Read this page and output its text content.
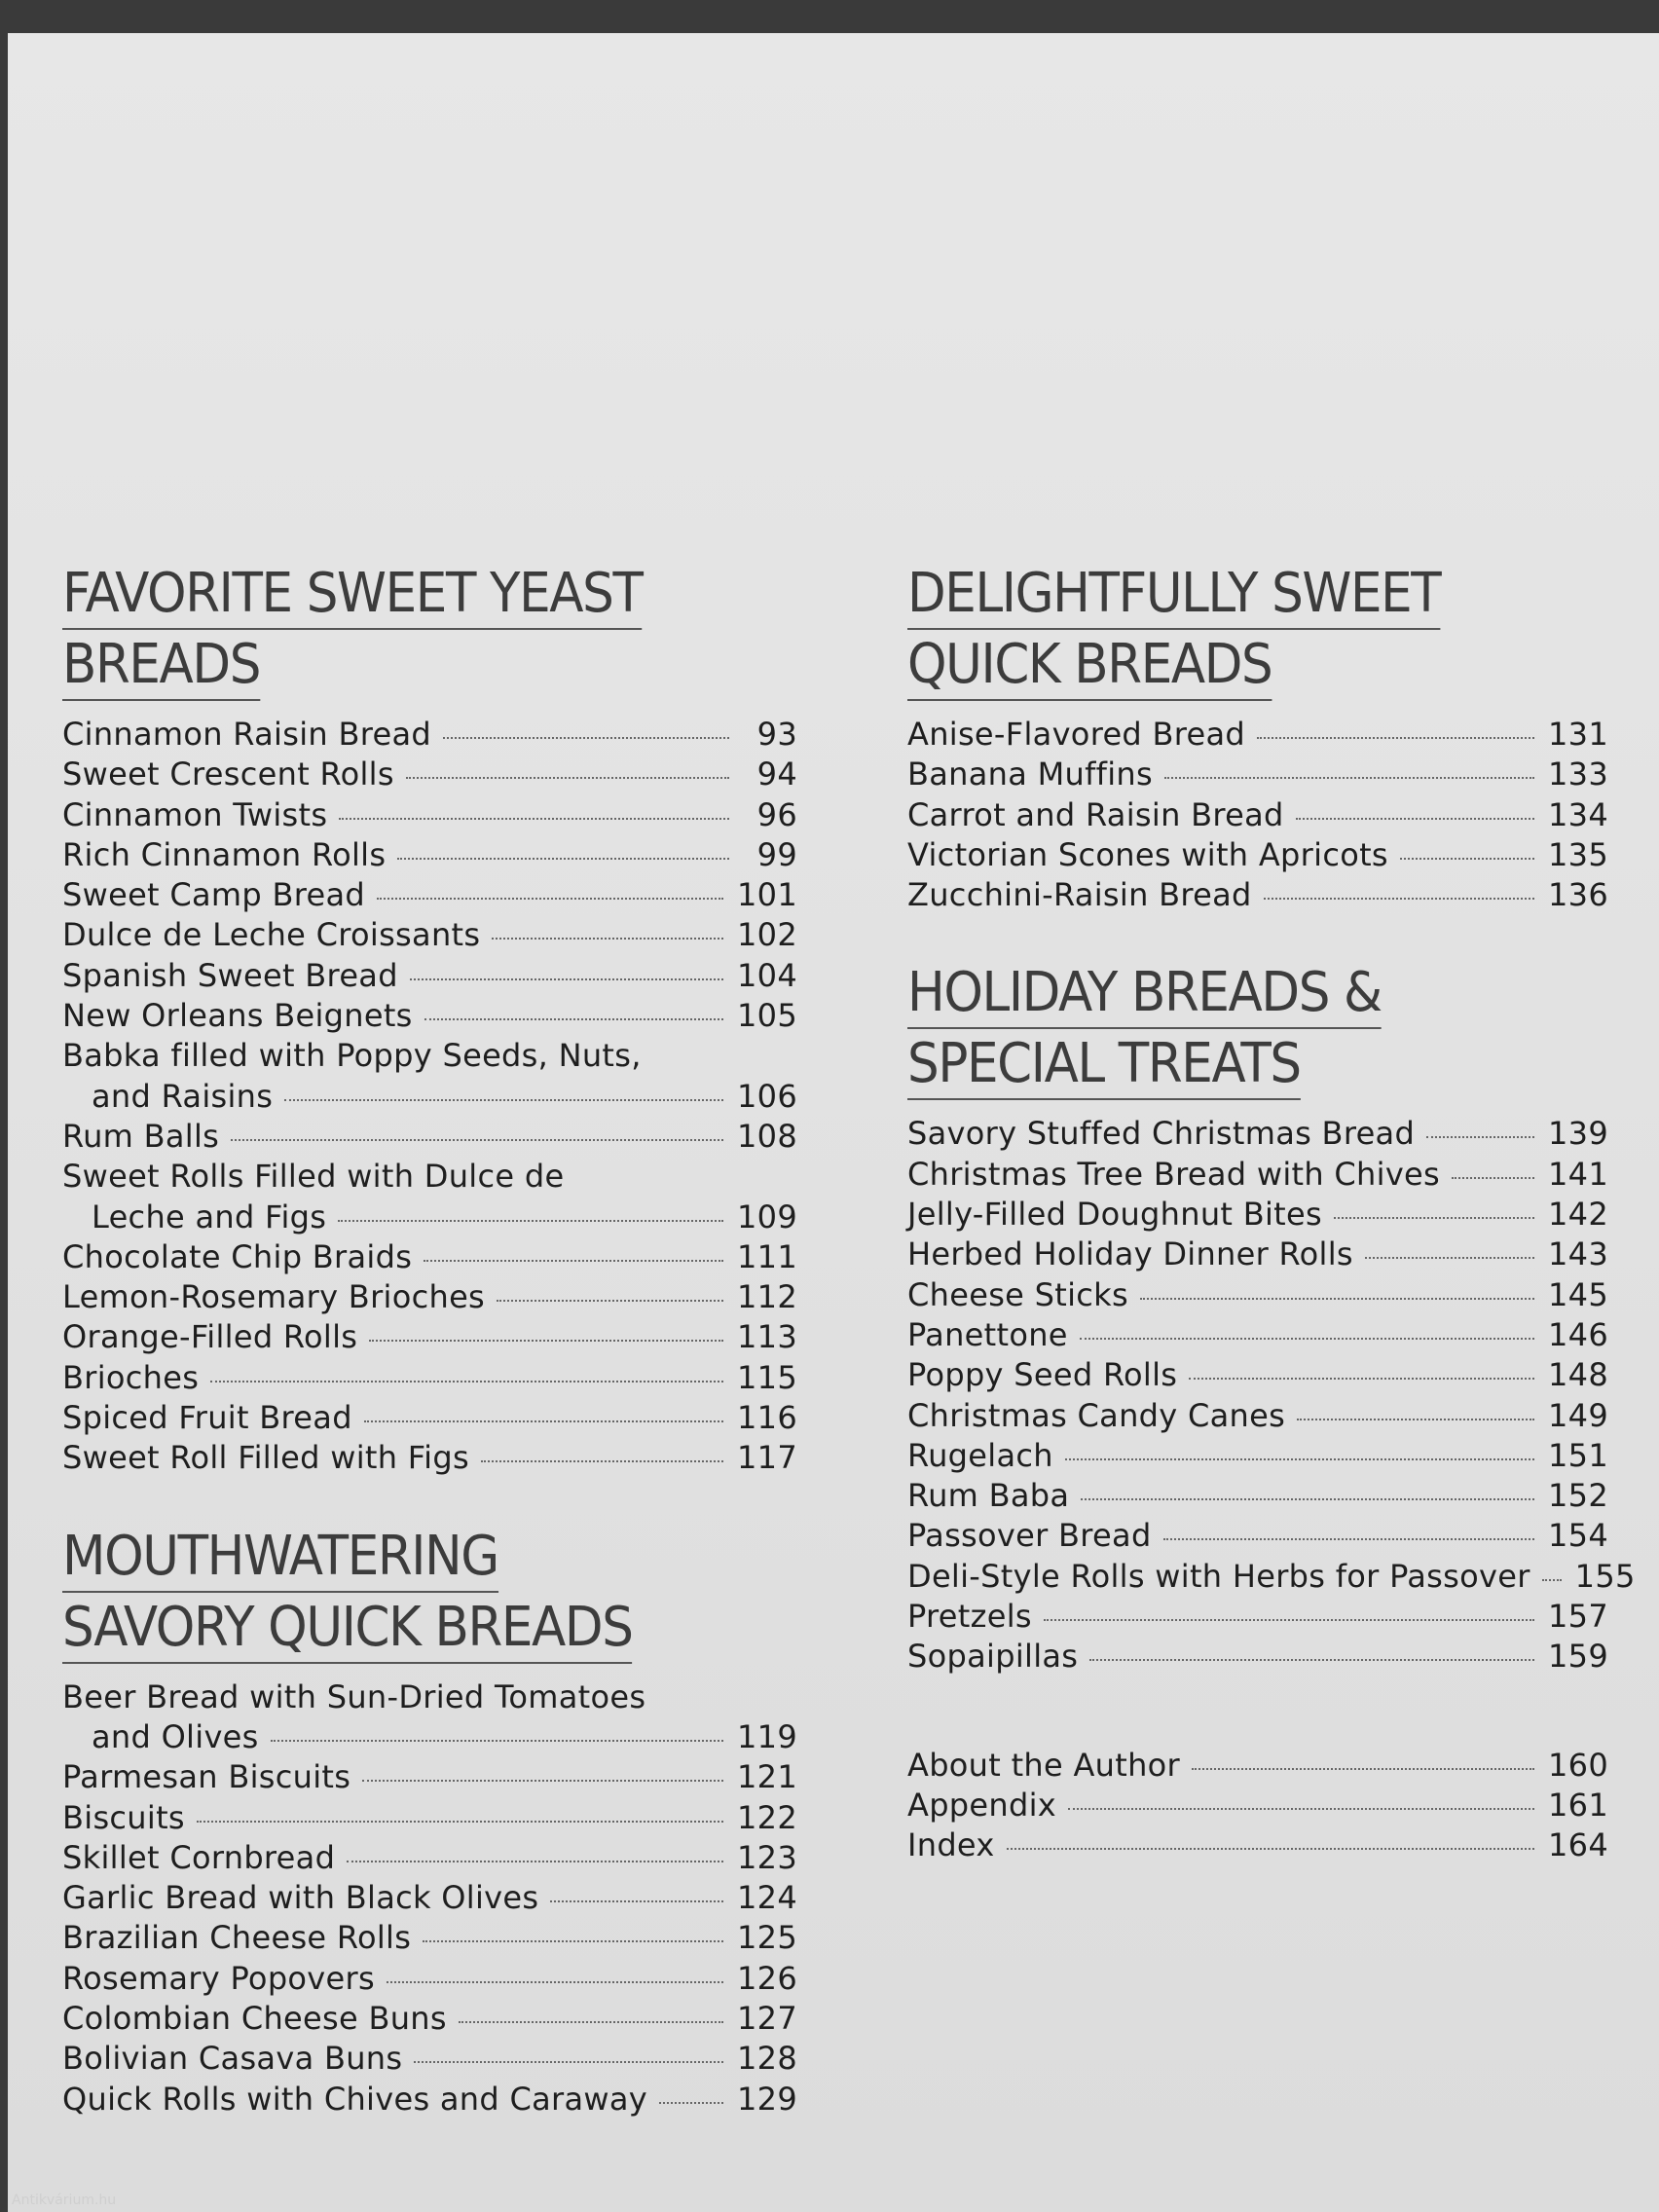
FAVORITE SWEET YEAST
BREADS
Cinnamon Raisin Bread	93
Sweet Crescent Rolls	94
Cinnamon Twists	96
Rich Cinnamon Rolls	99
Sweet Camp Bread	101
Dulce de Leche Croissants	102
Spanish Sweet Bread	104
New Orleans Beignets	105
Babka filled with Poppy Seeds, Nuts,
and Raisins	106
Rum Balls	108
Sweet Rolls Filled with Dulce de
Leche and Figs	109
Chocolate Chip Braids	111
Lemon-Rosemary Brioches	112
Orange-Filled Rolls	113
Brioches	115
Spiced Fruit Bread	116
Sweet Roll Filled with Figs	117
MOUTHWATERING
SAVORY QUICK BREADS
Beer Bread with Sun-Dried Tomatoes
and Olives	119
Parmesan Biscuits	121
Biscuits	122
Skillet Cornbread	123
Garlic Bread with Black Olives	124
Brazilian Cheese Rolls	125
Rosemary Popovers	126
Colombian Cheese Buns	127
Bolivian Casava Buns	128
Quick Rolls with Chives and Caraway	129
DELIGHTFULLY SWEET
QUICK BREADS
Anise-Flavored Bread	131
Banana Muffins	133
Carrot and Raisin Bread	134
Victorian Scones with Apricots	135
Zucchini-Raisin Bread	136
HOLIDAY BREADS &
SPECIAL TREATS
Savory Stuffed Christmas Bread	139
Christmas Tree Bread with Chives	141
Jelly-Filled Doughnut Bites	142
Herbed Holiday Dinner Rolls	143
Cheese Sticks	145
Panettone	146
Poppy Seed Rolls	148
Christmas Candy Canes	149
Rugelach	151
Rum Baba	152
Passover Bread	154
Deli-Style Rolls with Herbs for Passover 155
Pretzels	157
Sopaipillas	159
About the Author	160
Appendix	161
Index	164
Antikvárium.hu
